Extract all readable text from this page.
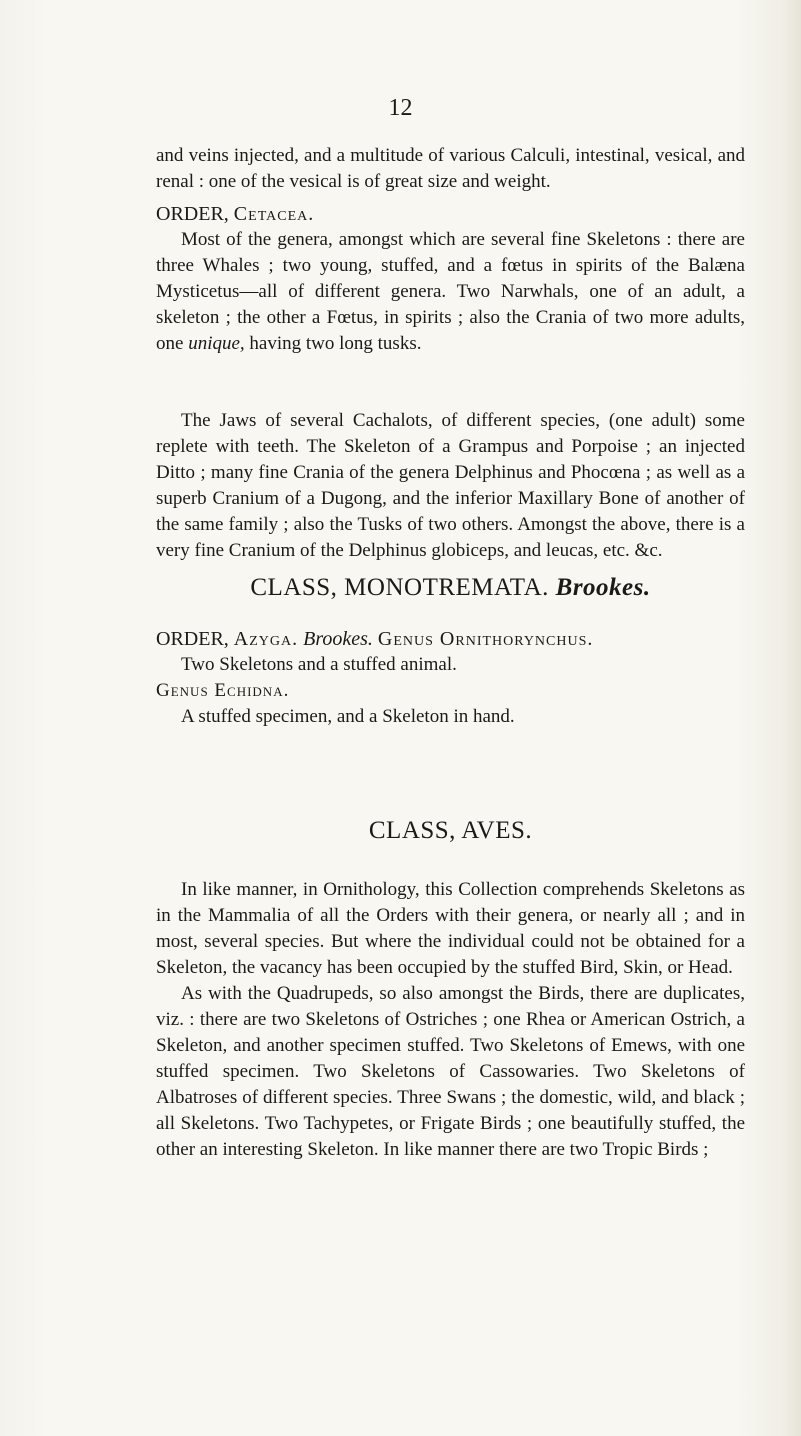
12

and veins injected, and a multitude of various Calculi, intestinal, vesical, and renal : one of the vesical is of great size and weight.

ORDER, Cetacea.

Most of the genera, amongst which are several fine Skeletons : there are three Whales ; two young, stuffed, and a fœtus in spirits of the Balæna Mysticetus—all of different genera. Two Narwhals, one of an adult, a skeleton ; the other a Fœtus, in spirits ; also the Crania of two more adults, one unique, having two long tusks.

The Jaws of several Cachalots, of different species, (one adult) some replete with teeth. The Skeleton of a Grampus and Porpoise ; an injected Ditto ; many fine Crania of the genera Delphinus and Phocœna ; as well as a superb Cranium of a Dugong, and the inferior Maxillary Bone of another of the same family ; also the Tusks of two others. Amongst the above, there is a very fine Cranium of the Delphinus globiceps, and leucas, etc. &c.

CLASS, MONOTREMATA. Brookes.

ORDER, Azyga. Brookes. Genus Ornithorynchus.

Two Skeletons and a stuffed animal.

Genus Echidna.

A stuffed specimen, and a Skeleton in hand.

CLASS, AVES.

In like manner, in Ornithology, this Collection comprehends Skeletons as in the Mammalia of all the Orders with their genera, or nearly all ; and in most, several species. But where the individual could not be obtained for a Skeleton, the vacancy has been occupied by the stuffed Bird, Skin, or Head.

As with the Quadrupeds, so also amongst the Birds, there are duplicates, viz. : there are two Skeletons of Ostriches ; one Rhea or American Ostrich, a Skeleton, and another specimen stuffed. Two Skeletons of Emews, with one stuffed specimen. Two Skeletons of Cassowaries. Two Skeletons of Albatroses of different species. Three Swans ; the domestic, wild, and black ; all Skeletons. Two Tachypetes, or Frigate Birds ; one beautifully stuffed, the other an interesting Skeleton. In like manner there are two Tropic Birds ;
